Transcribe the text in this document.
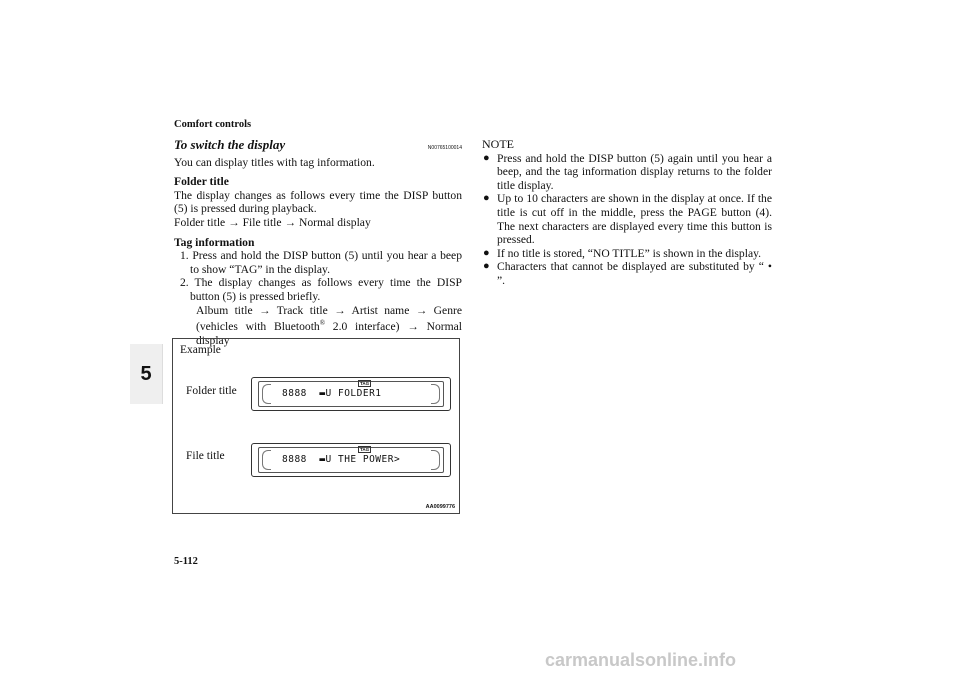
Comfort controls
5
To switch the display	N00765100014
You can display titles with tag information.
Folder title
The display changes as follows every time the DISP button (5) is pressed during playback.
Folder title → File title → Normal display
Tag information
1. Press and hold the DISP button (5) until you hear a beep to show “TAG” in the display.
2. The display changes as follows every time the DISP button (5) is pressed briefly.
Album title → Track title → Artist name → Genre (vehicles with Bluetooth® 2.0 interface) → Normal display
Example
Folder title
File title
TAG
8888  ▬U FOLDER1
TAG
8888  ▬U THE POWER>
AA0099776
NOTE
● Press and hold the DISP button (5) again until you hear a beep, and the tag information display returns to the folder title display.
● Up to 10 characters are shown in the display at once. If the title is cut off in the middle, press the PAGE button (4). The next characters are displayed every time this button is pressed.
● If no title is stored, “NO TITLE” is shown in the display.
● Characters that cannot be displayed are substituted by “ • ”.
5-112
carmanualsonline.info
